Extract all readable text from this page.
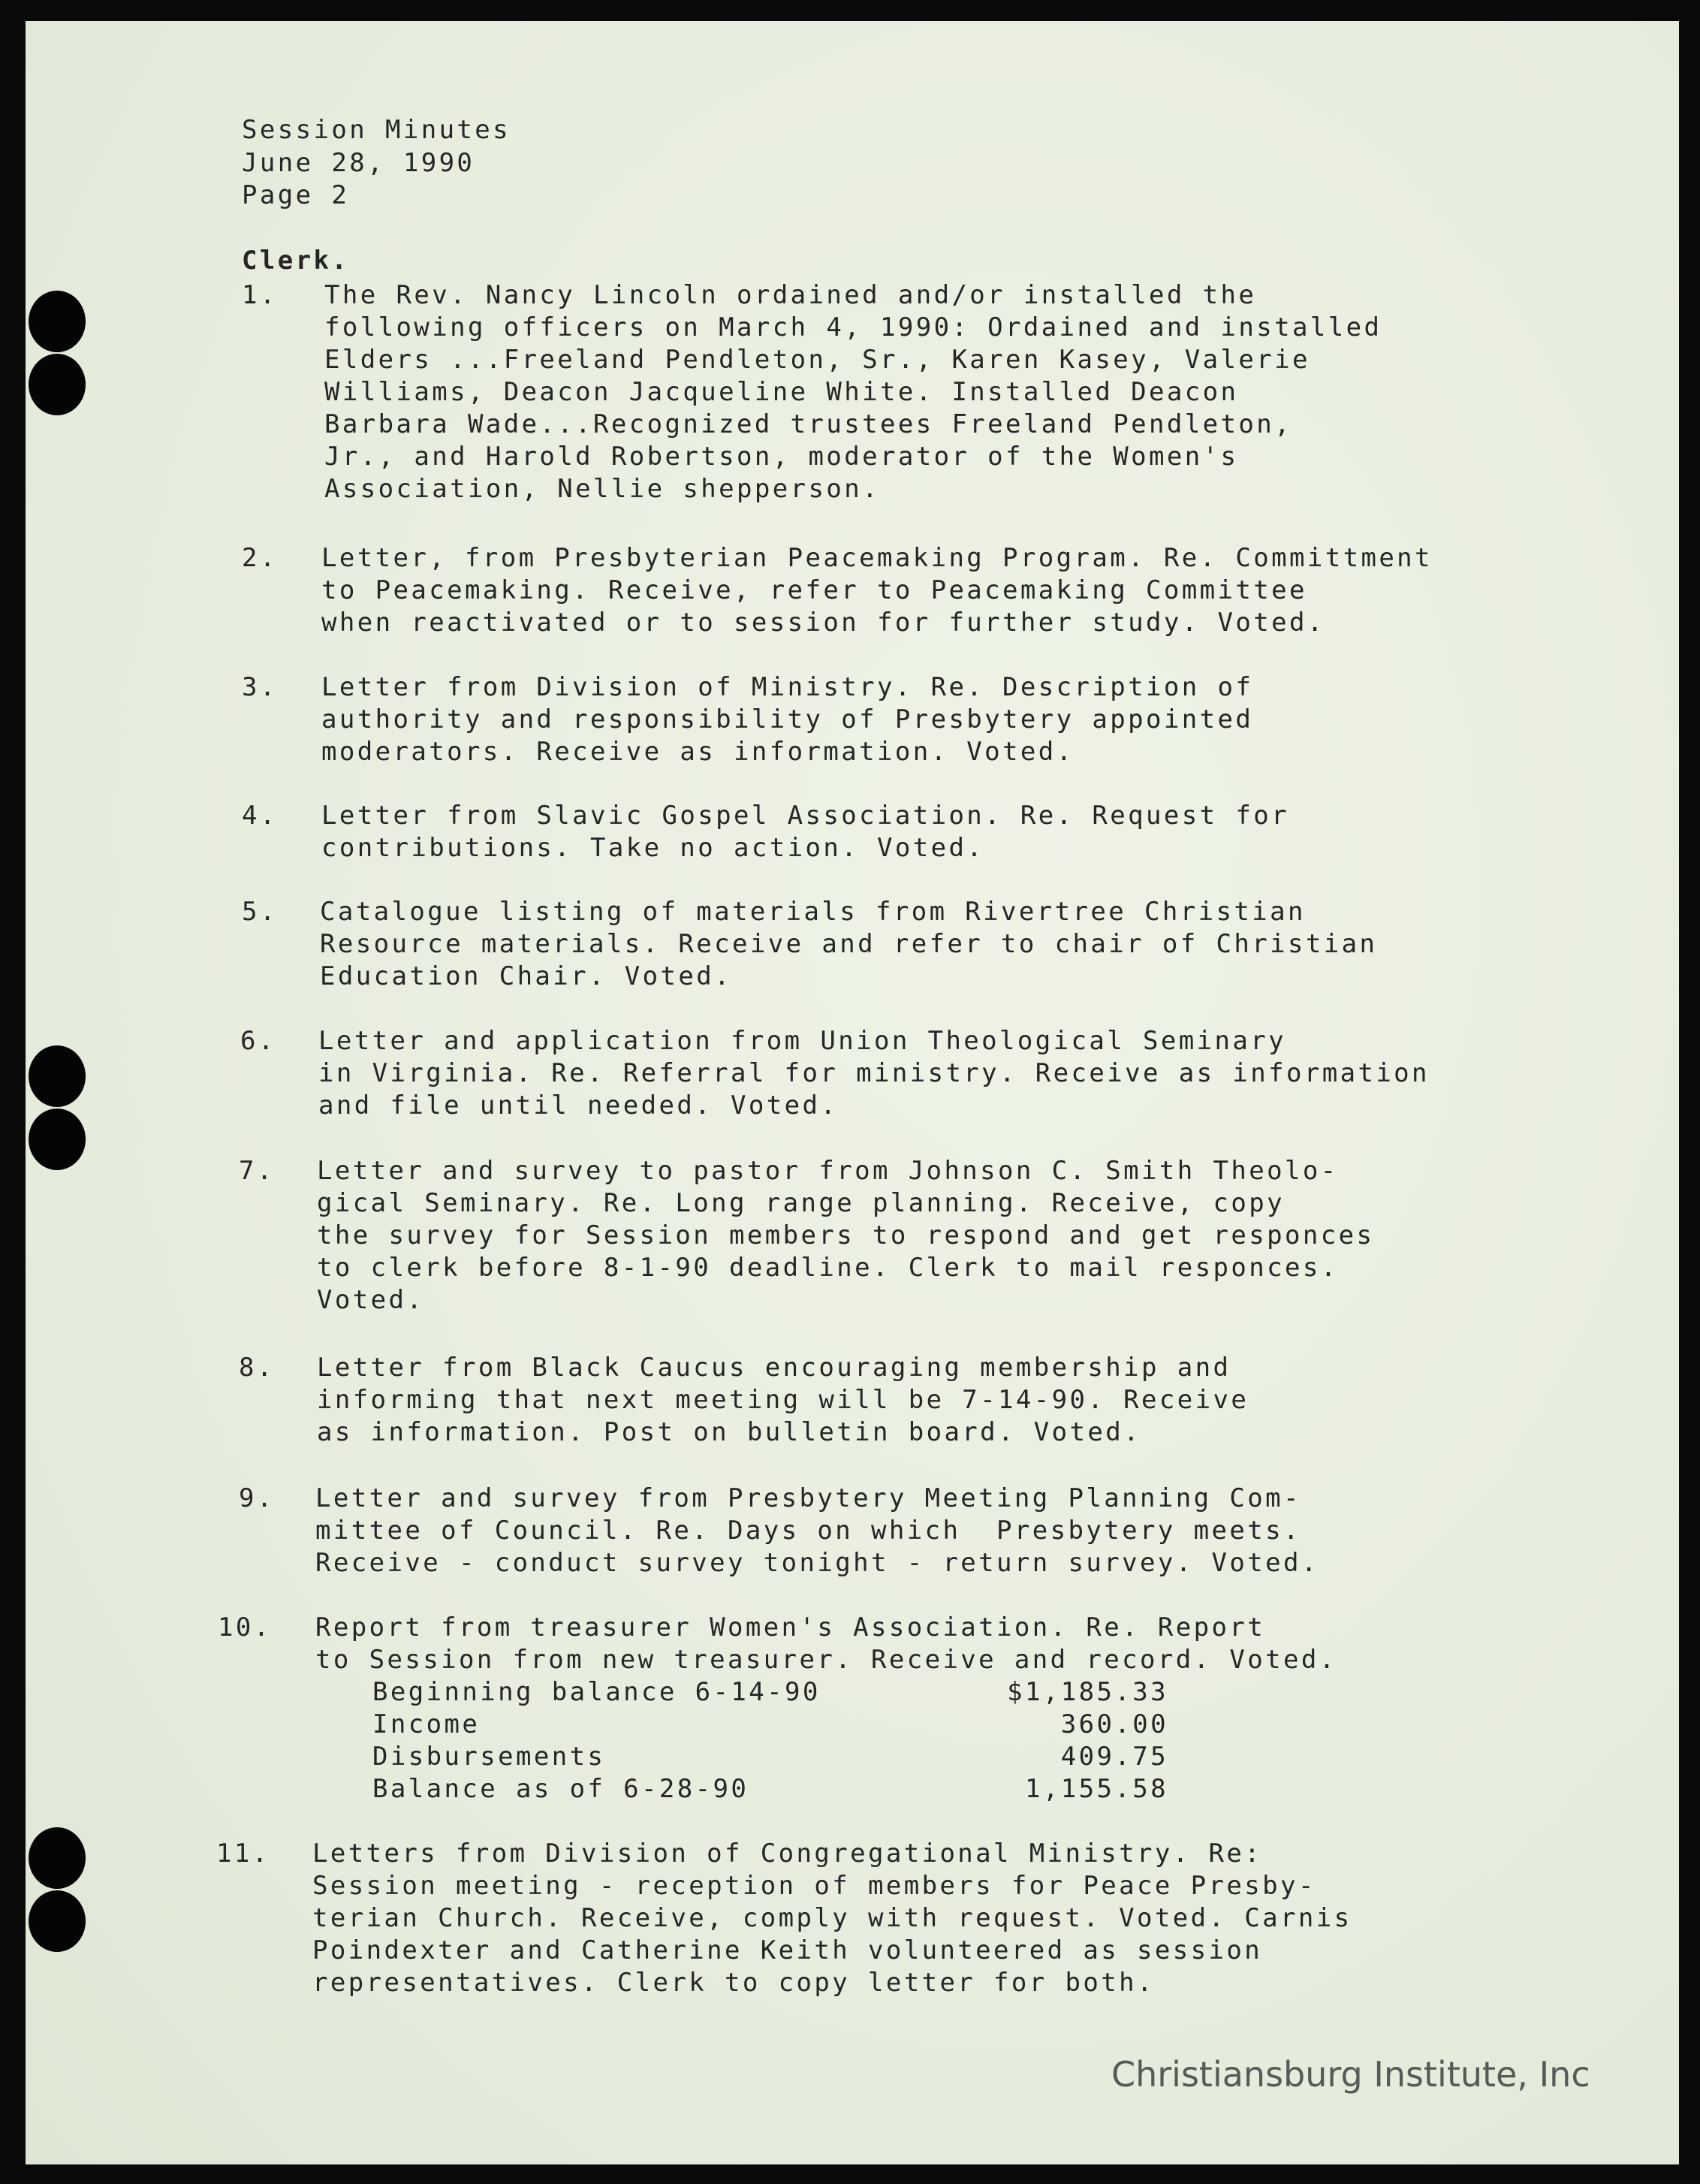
Session Minutes
June 28, 1990
Page 2
Clerk.
1.	The Rev. Nancy Lincoln ordained and/or installed the
following officers on March 4, 1990: Ordained and installed
Elders ...Freeland Pendleton, Sr., Karen Kasey, Valerie
Williams, Deacon Jacqueline White. Installed Deacon
Barbara Wade...Recognized trustees Freeland Pendleton,
Jr., and Harold Robertson, moderator of the Women's
Association, Nellie shepperson.
2.	Letter, from Presbyterian Peacemaking Program. Re. Committment
to Peacemaking. Receive, refer to Peacemaking Committee
when reactivated or to session for further study. Voted.
3.	Letter from Division of Ministry. Re. Description of
authority and responsibility of Presbytery appointed
moderators. Receive as information. Voted.
4.	Letter from Slavic Gospel Association. Re. Request for
contributions. Take no action. Voted.
5.	Catalogue listing of materials from Rivertree Christian
Resource materials. Receive and refer to chair of Christian
Education Chair. Voted.
6.	Letter and application from Union Theological Seminary
in Virginia. Re. Referral for ministry. Receive as information
and file until needed. Voted.
7.	Letter and survey to pastor from Johnson C. Smith Theolo-
gical Seminary. Re. Long range planning. Receive, copy
the survey for Session members to respond and get responces
to clerk before 8-1-90 deadline. Clerk to mail responces.
Voted.
8.	Letter from Black Caucus encouraging membership and
informing that next meeting will be 7-14-90. Receive
as information. Post on bulletin board. Voted.
9.	Letter and survey from Presbytery Meeting Planning Com-
mittee of Council. Re. Days on which  Presbytery meets.
Receive - conduct survey tonight - return survey. Voted.
10.	Report from treasurer Women's Association. Re. Report
to Session from new treasurer. Receive and record. Voted.
Beginning balance 6-14-90	$1,185.33
Income	360.00
Disbursements	409.75
Balance as of 6-28-90	1,155.58
11.	Letters from Division of Congregational Ministry. Re:
Session meeting - reception of members for Peace Presby-
terian Church. Receive, comply with request. Voted. Carnis
Poindexter and Catherine Keith volunteered as session
representatives. Clerk to copy letter for both.
Christiansburg Institute, Inc
